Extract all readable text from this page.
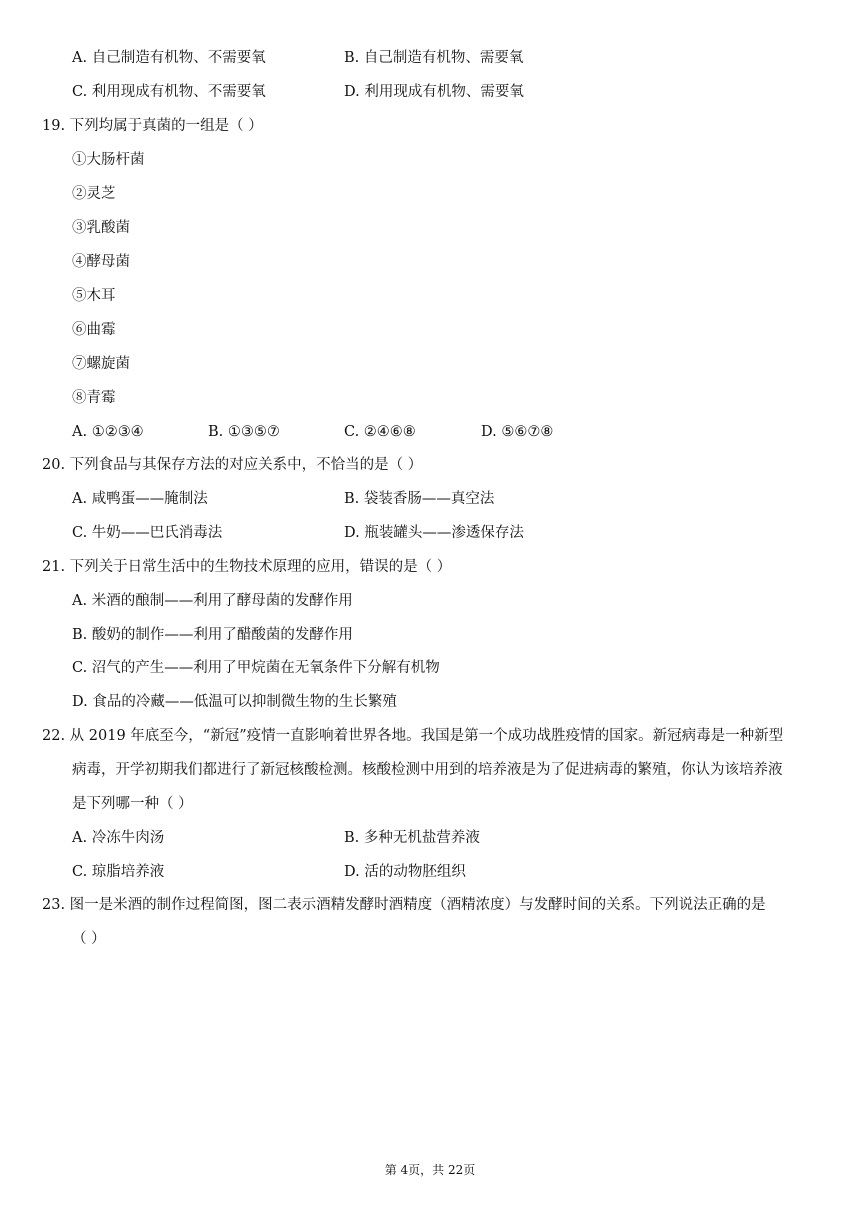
A. 自己制造有机物、不需要氧	B. 自己制造有机物、需要氧
C. 利用现成有机物、不需要氧	D. 利用现成有机物、需要氧
19. 下列均属于真菌的一组是（ ）
①大肠杆菌
②灵芝
③乳酸菌
④酵母菌
⑤木耳
⑥曲霉
⑦螺旋菌
⑧青霉
A. ①②③④	B. ①③⑤⑦	C. ②④⑥⑧	D. ⑤⑥⑦⑧
20. 下列食品与其保存方法的对应关系中，不恰当的是（ ）
A. 咸鸭蛋——腌制法	B. 袋装香肠——真空法
C. 牛奶——巴氏消毒法	D. 瓶装罐头——渗透保存法
21. 下列关于日常生活中的生物技术原理的应用，错误的是（ ）
A. 米酒的酿制——利用了酵母菌的发酵作用
B. 酸奶的制作——利用了醋酸菌的发酵作用
C. 沼气的产生——利用了甲烷菌在无氧条件下分解有机物
D. 食品的冷藏——低温可以抑制微生物的生长繁殖
22. 从 2019 年底至今，“新冠”疫情一直影响着世界各地。我国是第一个成功战胜疫情的国家。新冠病毒是一种新型
病毒，开学初期我们都进行了新冠核酸检测。核酸检测中用到的培养液是为了促进病毒的繁殖，你认为该培养液
是下列哪一种（ ）
A. 冷冻牛肉汤	B. 多种无机盐营养液
C. 琼脂培养液	D. 活的动物胚组织
23. 图一是米酒的制作过程简图，图二表示酒精发酵时酒精度（酒精浓度）与发酵时间的关系。下列说法正确的是
（ ）
第 4页，共 22页
